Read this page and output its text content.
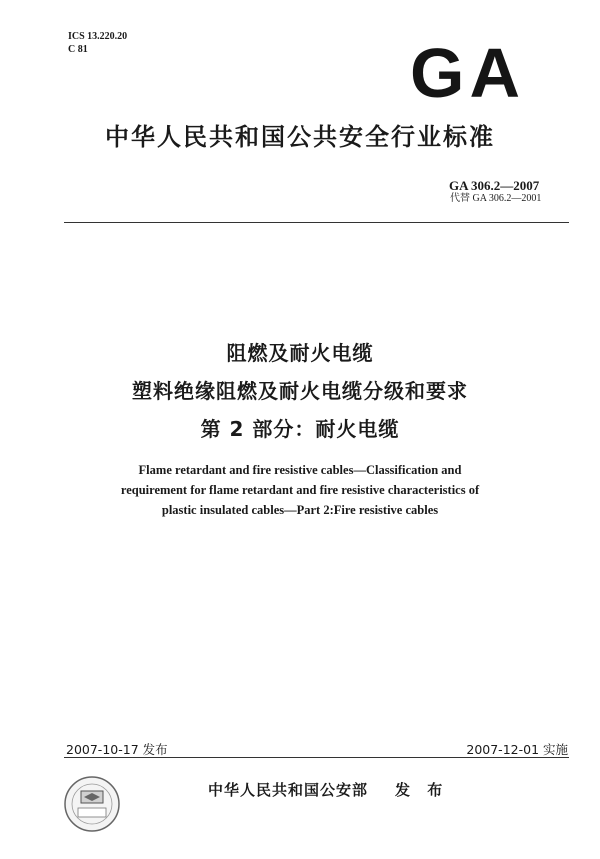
ICS 13.220.20
C 81	GA
中华人民共和国公共安全行业标准
GA 306.2—2007
代替 GA 306.2—2001
阻燃及耐火电缆
塑料绝缘阻燃及耐火电缆分级和要求
第 2 部分：耐火电缆
Flame retardant and fire resistive cables—Classification and
requirement for flame retardant and fire resistive characteristics of
plastic insulated cables—Part 2:Fire resistive cables
2007-10-17 发布	2007-12-01 实施
中华人民共和国公安部 发 布
